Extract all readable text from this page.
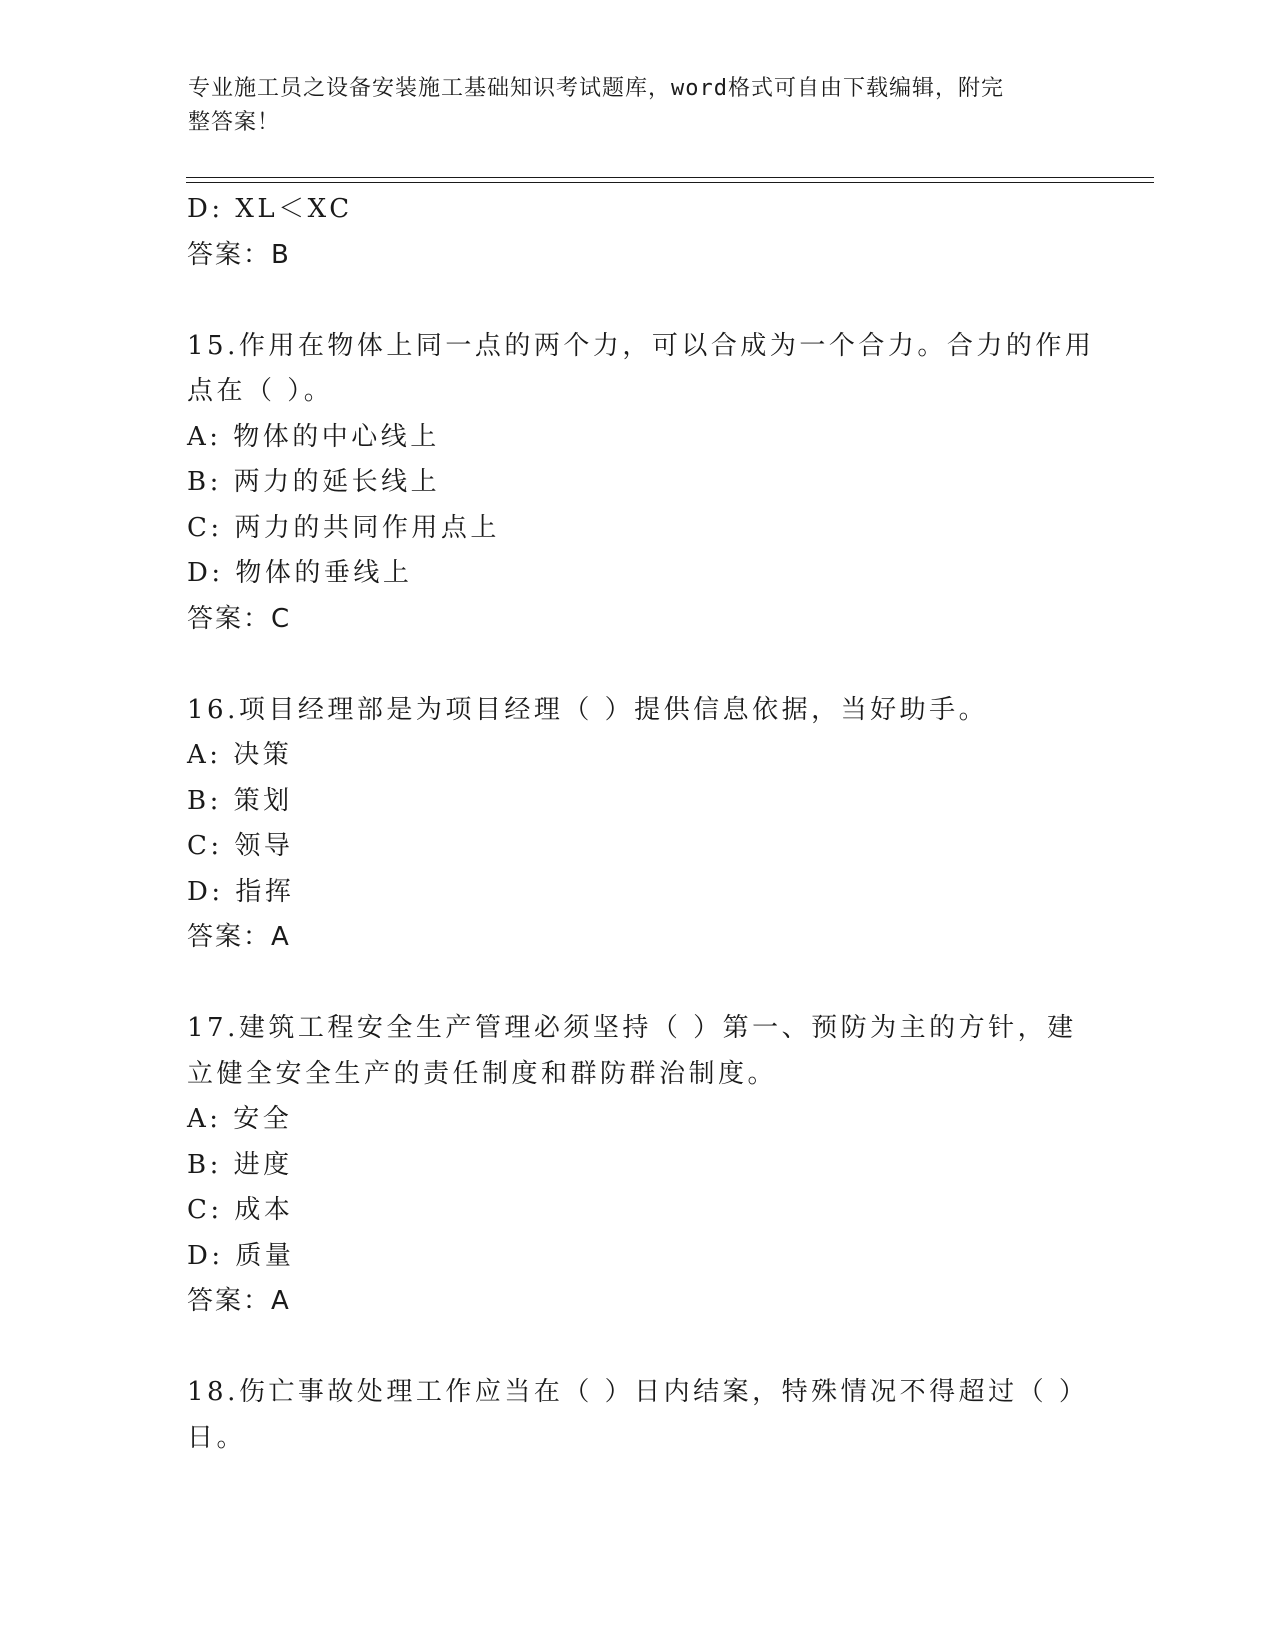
专业施工员之设备安装施工基础知识考试题库，word格式可自由下载编辑，附完
整答案！
D: XL＜XC
答案：B
15.作用在物体上同一点的两个力，可以合成为一个合力。合力的作用
点在（ ）。
A: 物体的中心线上
B: 两力的延长线上
C: 两力的共同作用点上
D: 物体的垂线上
答案：C
16.项目经理部是为项目经理（ ）提供信息依据，当好助手。
A: 决策
B: 策划
C: 领导
D: 指挥
答案：A
17.建筑工程安全生产管理必须坚持（ ）第一、预防为主的方针，建
立健全安全生产的责任制度和群防群治制度。
A: 安全
B: 进度
C: 成本
D: 质量
答案：A
18.伤亡事故处理工作应当在（ ）日内结案，特殊情况不得超过（ ）
日。
